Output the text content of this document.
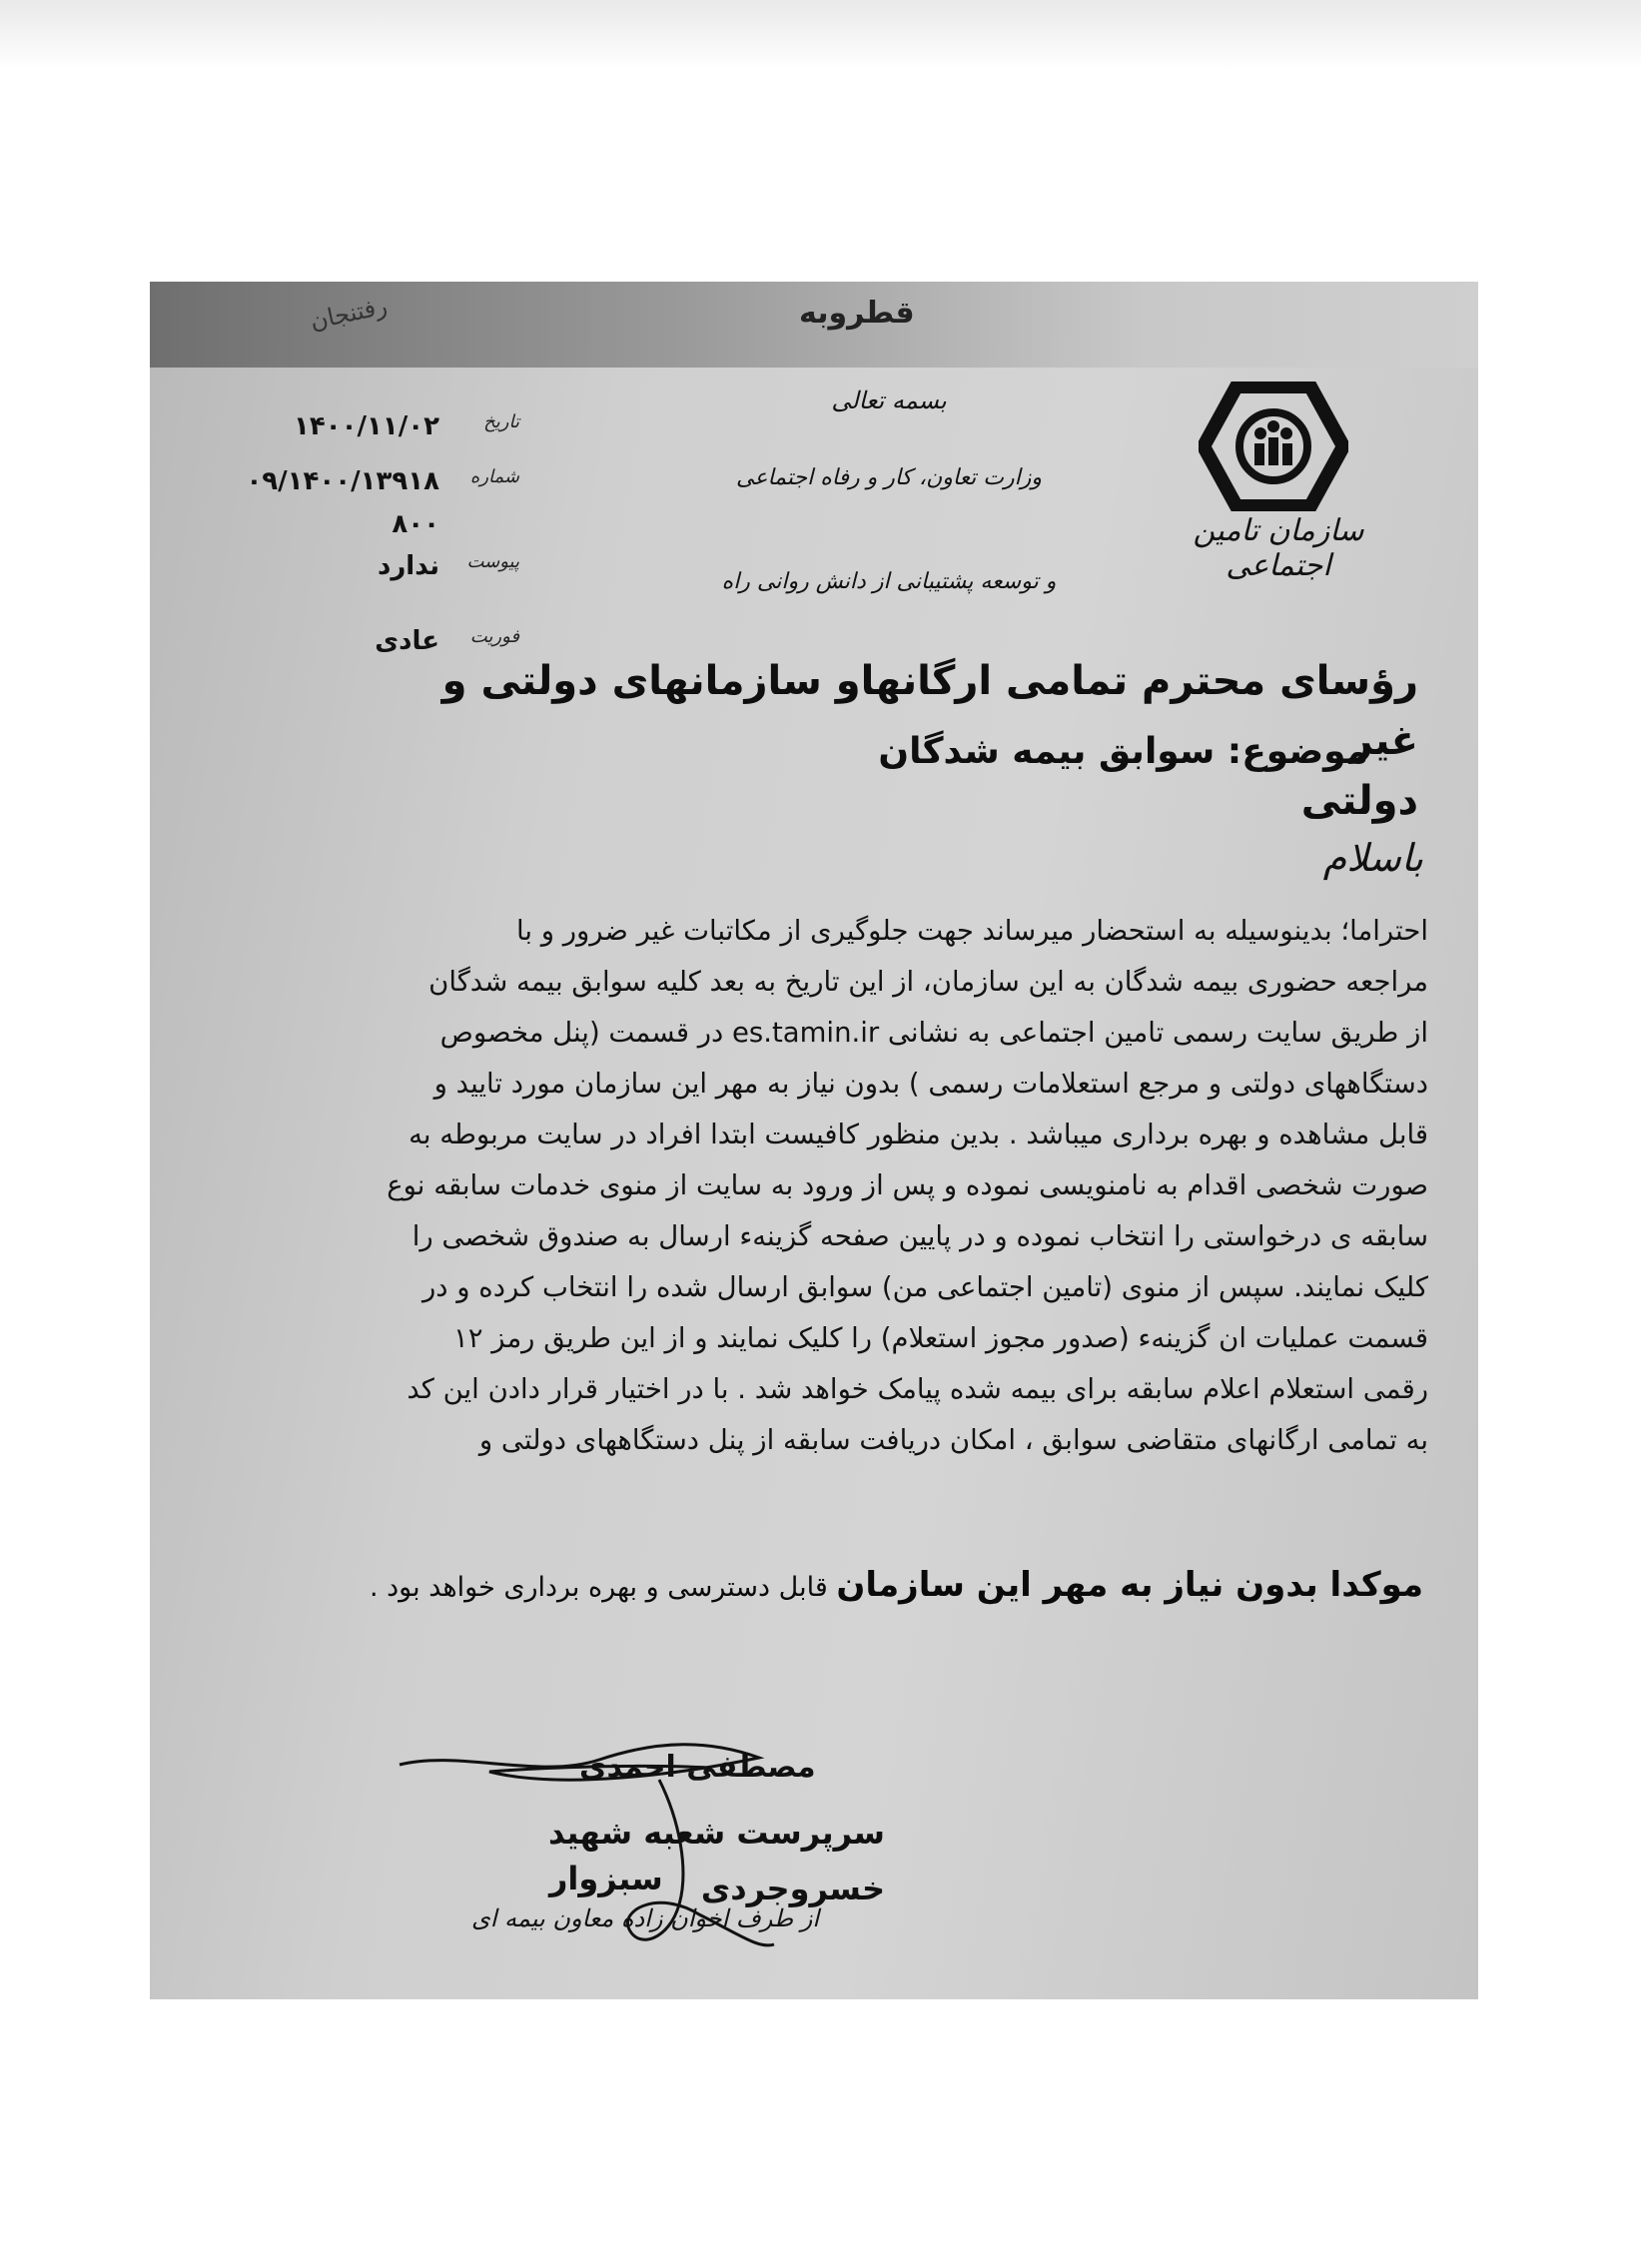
رفتنجان	قطروبه
سازمان تامین اجتماعی
بسمه تعالی
وزارت تعاون، کار و رفاه اجتماعی
و توسعه پشتیبانی از دانش روانی راه
تاریخ
۱۴۰۰/۱۱/۰۲
شماره
۰۹/۱۴۰۰/۱۳۹۱۸
۸۰۰
پیوست
ندارد
فوریت
عادی
رؤسای محترم تمامی ارگانهاو سازمانهای دولتی و غیر
دولتی
موضوع: سوابق بیمه شدگان
باسلام
احتراما؛ بدینوسیله به استحضار میرساند جهت جلوگیری از مکاتبات غیر ضرور و با
مراجعه حضوری بیمه شدگان به این سازمان، از این تاریخ به بعد کلیه سوابق بیمه شدگان
از طریق سایت رسمی تامین اجتماعی به نشانی es.tamin.ir در قسمت (پنل مخصوص
دستگاههای دولتی و مرجع استعلامات رسمی ) بدون نیاز به مهر این سازمان مورد تایید و
قابل مشاهده و بهره برداری میباشد . بدین منظور کافیست ابتدا افراد در سایت مربوطه به
صورت شخصی اقدام به نامنویسی نموده و پس از ورود به سایت از منوی خدمات سابقه نوع
سابقه ی درخواستی را انتخاب نموده و در پایین صفحه گزینهء ارسال به صندوق شخصی را
کلیک نمایند. سپس از منوی (تامین اجتماعی من) سوابق ارسال شده را انتخاب کرده و در
قسمت عملیات ان گزینهء (صدور مجوز استعلام) را کلیک نمایند و از این طریق رمز ۱۲
رقمی استعلام اعلام سابقه برای بیمه شده پیامک خواهد شد . با در اختیار قرار دادن این کد
به تمامی ارگانهای متقاضی سوابق ، امکان دریافت سابقه از پنل دستگاههای دولتی و
موکدا بدون نیاز به مهر این سازمان قابل دسترسی و بهره برداری خواهد بود .
مصطفی احمدی
سرپرست شعبه شهید خسروجردی
سبزوار
از طرف اخوان زاده معاون بیمه ای
